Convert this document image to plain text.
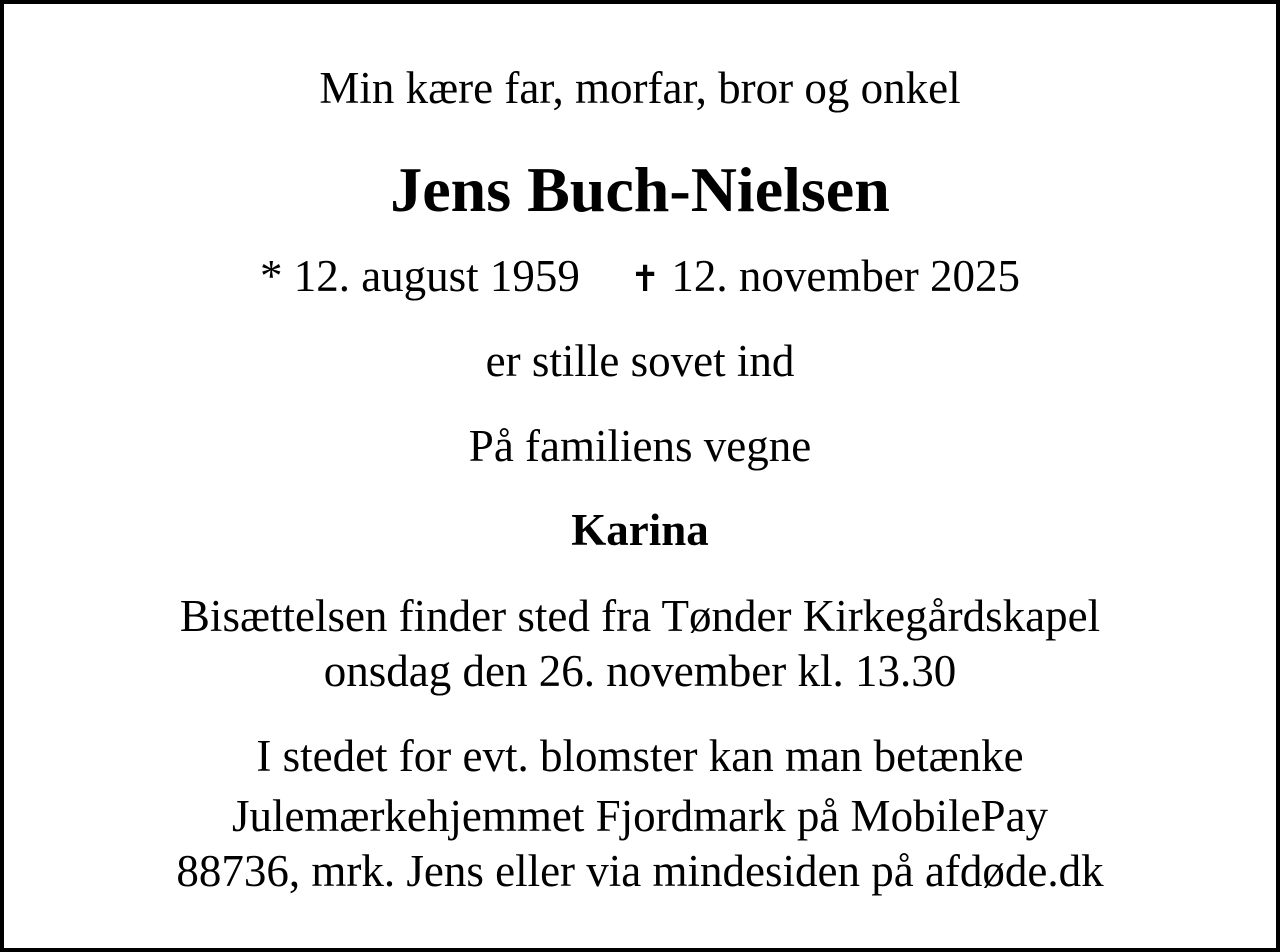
Min kære far, morfar, bror og onkel
Jens Buch-Nielsen
* 12. august 1959 ✝ 12. november 2025
er stille sovet ind
På familiens vegne
Karina
Bisættelsen finder sted fra Tønder Kirkegårdskapel
onsdag den 26. november kl. 13.30
I stedet for evt. blomster kan man betænke
Julemærkehjemmet Fjordmark på MobilePay
88736, mrk. Jens eller via mindesiden på afdøde.dk
